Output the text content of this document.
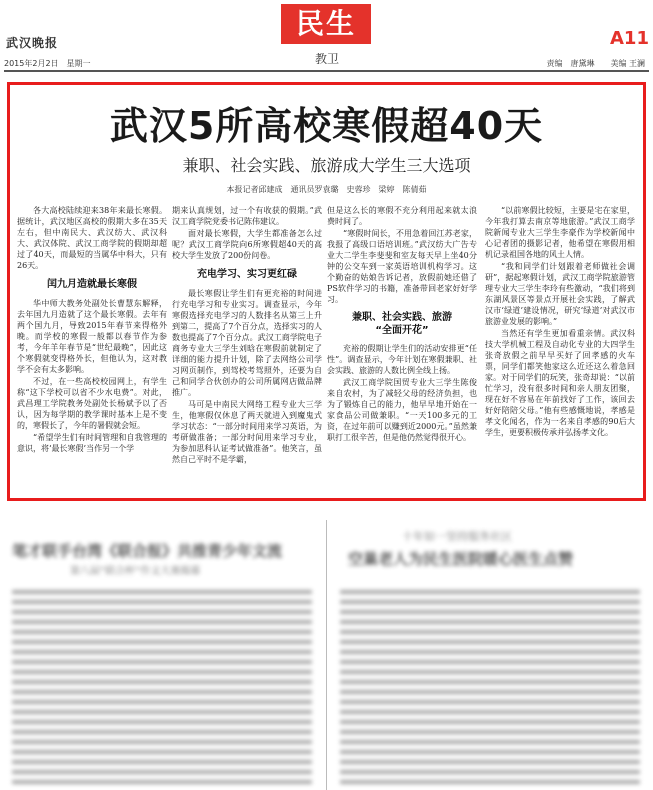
武汉晚报
民生	A11
教卫
2015年2月2日　星期一	责编　唐黛琳　　美编 王澜
武汉5所高校寒假超40天
兼职、社会实践、旅游成大学生三大选项
本报记者邱建成　通讯员罗袁璐　史蓉珍　梁婷　陈倩茹

各大高校陆续迎来38年来最长寒假。据统计，武汉地区高校的假期大多在35天左右，但中南民大、武汉纺大、武汉科大、武汉体院、武汉工商学院的假期却超过了40天，而最短的当属华中科大，只有26天。

闰九月造就最长寒假

华中师大教务处副处长曹慧东解释，去年国九月造就了这个最长寒假。去年有两个国九月，导致2015年春节来得格外晚。而学校的寒假一般都以春节作为参考，今年羊年春节是“世纪最晚”，因此这个寒假就变得格外长，但他认为，这对教学不会有太多影响。

不过，在一些高校校园网上，有学生称“这下学校可以省不少水电费”。对此，武昌理工学院教务处副处长杨斌予以了否认，因为每学期的教学课时基本上是不变的，寒假长了，今年的暑假就会短。

“希望学生们有时间管理和自我管理的意识，将‘最长寒假’当作另一个学

期来认真规划，过一个有收获的假期。”武汉工商学院党委书记陈伟建议。

面对最长寒假，大学生都准备怎么过呢？武汉工商学院向6所寒假超40天的高校大学生发放了200份问卷。

充电学习、实习更红碌

最长寒假让学生们有更充裕的时间进行充电学习和专业实习。调查显示，今年寒假选择充电学习的人数排名从第三上升到第二，提高了7个百分点，选择实习的人数也提高了7个百分点。武汉工商学院电子商务专业大三学生刘晗在寒假前就制定了详细的能力提升计划，除了去网络公司学习网页制作，到驾校考驾照外，还要为自己和同学合伙创办的公司所属网店做品牌推广。

马可是中南民大网络工程专业大三学生，他寒假仅休息了两天就进入到魔鬼式学习状态：“一部分时间用来学习英语，为考研做准备；一部分时间用来学习专业，为参加思科认证考试做准备”。他笑言，虽然自己平时不是学霸，

但是这么长的寒假不充分利用起来就太浪费时间了。

“寒假时间长，不用急着回江苏老家，我报了高级口语培训班。”武汉纺大广告专业大二学生李斐斐和室友每天早上坐40分钟的公交车到一家英语培训机构学习。这个勤奋的姑娘告诉记者，放假前她还借了PS软件学习的书籍，准备带回老家好好学习。

兼职、社会实践、旅游
“全面开花”

充裕的假期让学生们的活动安排更“任性”。调查显示，今年计划在寒假兼职、社会实践、旅游的人数比例全线上扬。

武汉工商学院国贸专业大三学生陈俊来自农村，为了减轻父母的经济负担，也为了锻炼自己的能力，他早早地开始在一家食品公司做兼职。“一天100多元的工资，在过年前可以赚到近2000元。”虽然兼职打工很辛苦，但是他仍然觉得很开心。

“以前寒假比较短，主要是宅在家里，今年我打算去南京等地旅游。”武汉工商学院新闻专业大三学生李豪作为学校新闻中心记者团的摄影记者，他希望在寒假用相机记录祖国各地的风土人情。

“我和同学们计划跟着老师做社会调研”，据起寒假计划，武汉工商学院旅游管理专业大三学生李玲有些激动，“我们将到东湖风景区等景点开展社会实践，了解武汉市‘绿道’建设情况，研究‘绿道’对武汉市旅游业发展的影响。”

当然还有学生更加看重亲情。武汉科技大学机械工程及自动化专业的大四学生张奇放假之前早早买好了回孝感的火车票，同学们都笑他家这么近还这么着急回家。对于同学们的玩笑，张奇却说：“以前忙学习，没有很多时间和亲人朋友团聚，现在好不容易在年前找好了工作，该回去好好陪陪父母。”他有些感慨地说，孝感是孝文化闻名，作为一名来自孝感的90后大学生，更要积极传承并弘扬孝文化。

笔才联手台湾《联合报》共推青少年文流
第八届“联合杯”作文大赛揭幕
十年如一坚持服务社区
空巢老人为民生医院暖心医生点赞
